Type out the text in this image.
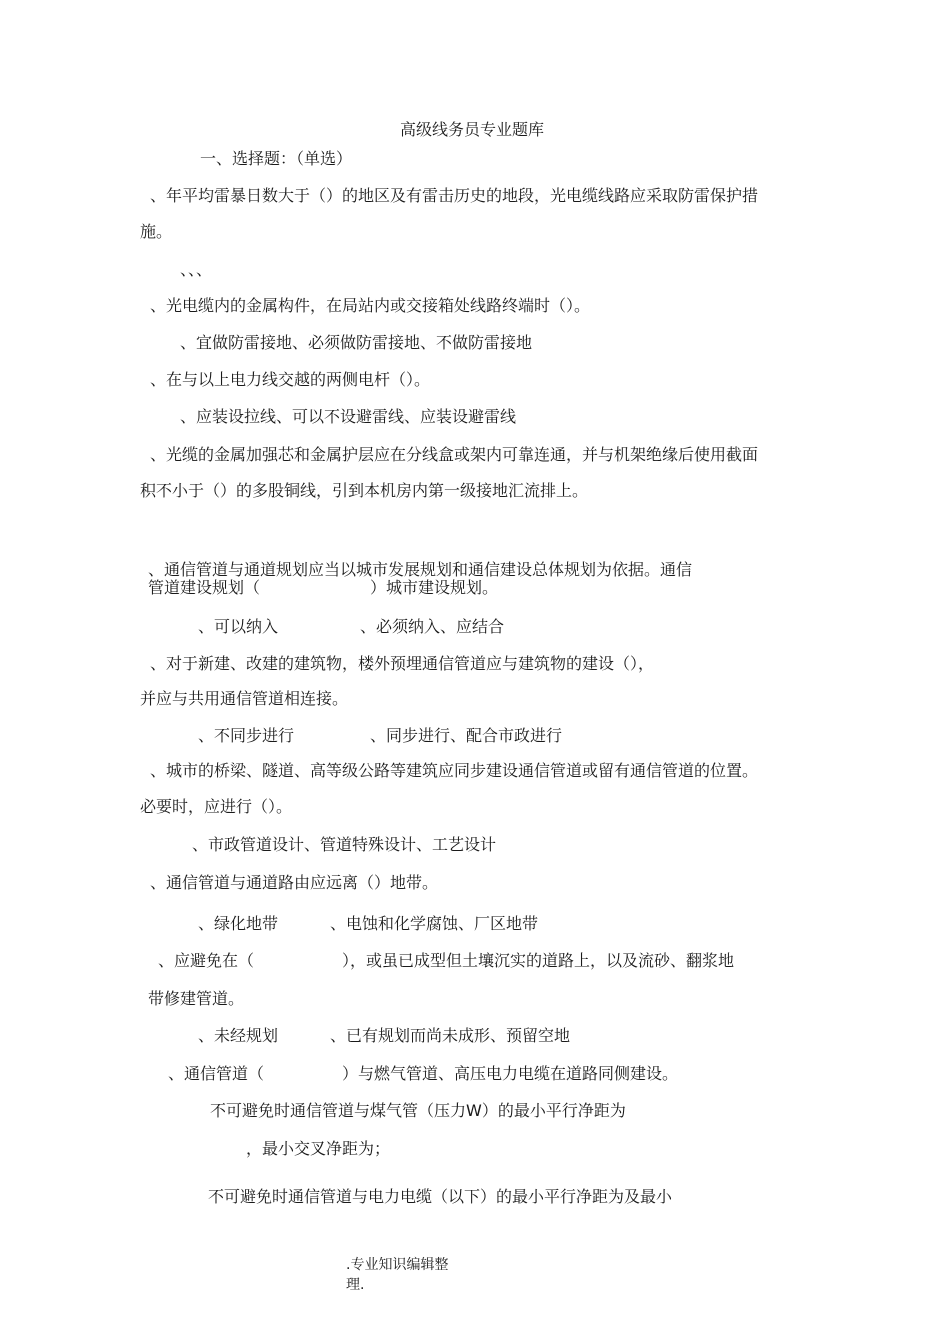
高级线务员专业题库
一、选择题：（单选）
、年平均雷暴日数大于（）的地区及有雷击历史的地段，光电缆线路应采取防雷保护措
施。
、、、
、光电缆内的金属构件，在局站内或交接箱处线路终端时（）。
、宜做防雷接地、必须做防雷接地、不做防雷接地
、在与以上电力线交越的两侧电杆（）。
、应装设拉线、可以不设避雷线、应装设避雷线
、光缆的金属加强芯和金属护层应在分线盒或架内可靠连通，并与机架绝缘后使用截面
积不小于（）的多股铜线，引到本机房内第一级接地汇流排上。
、通信管道与通道规划应当以城市发展规划和通信建设总体规划为依据。通信
管道建设规划（	）城市建设规划。
、可以纳入	、必须纳入、应结合
、对于新建、改建的建筑物，楼外预埋通信管道应与建筑物的建设（），
并应与共用通信管道相连接。
、不同步进行	、同步进行、配合市政进行
、城市的桥梁、隧道、高等级公路等建筑应同步建设通信管道或留有通信管道的位置。
必要时，应进行（）。
、市政管道设计、管道特殊设计、工艺设计
、通信管道与通道路由应远离（）地带。
、绿化地带	、电蚀和化学腐蚀、厂区地带
、应避免在（	），或虽已成型但土壤沉实的道路上，以及流砂、翻浆地
带修建管道。
、未经规划	、已有规划而尚未成形、预留空地
、通信管道（	）与燃气管道、高压电力电缆在道路同侧建设。
不可避免时通信管道与煤气管（压力W）的最小平行净距为
，最小交叉净距为；
不可避免时通信管道与电力电缆（以下）的最小平行净距为及最小
.专业知识编辑整
理.
